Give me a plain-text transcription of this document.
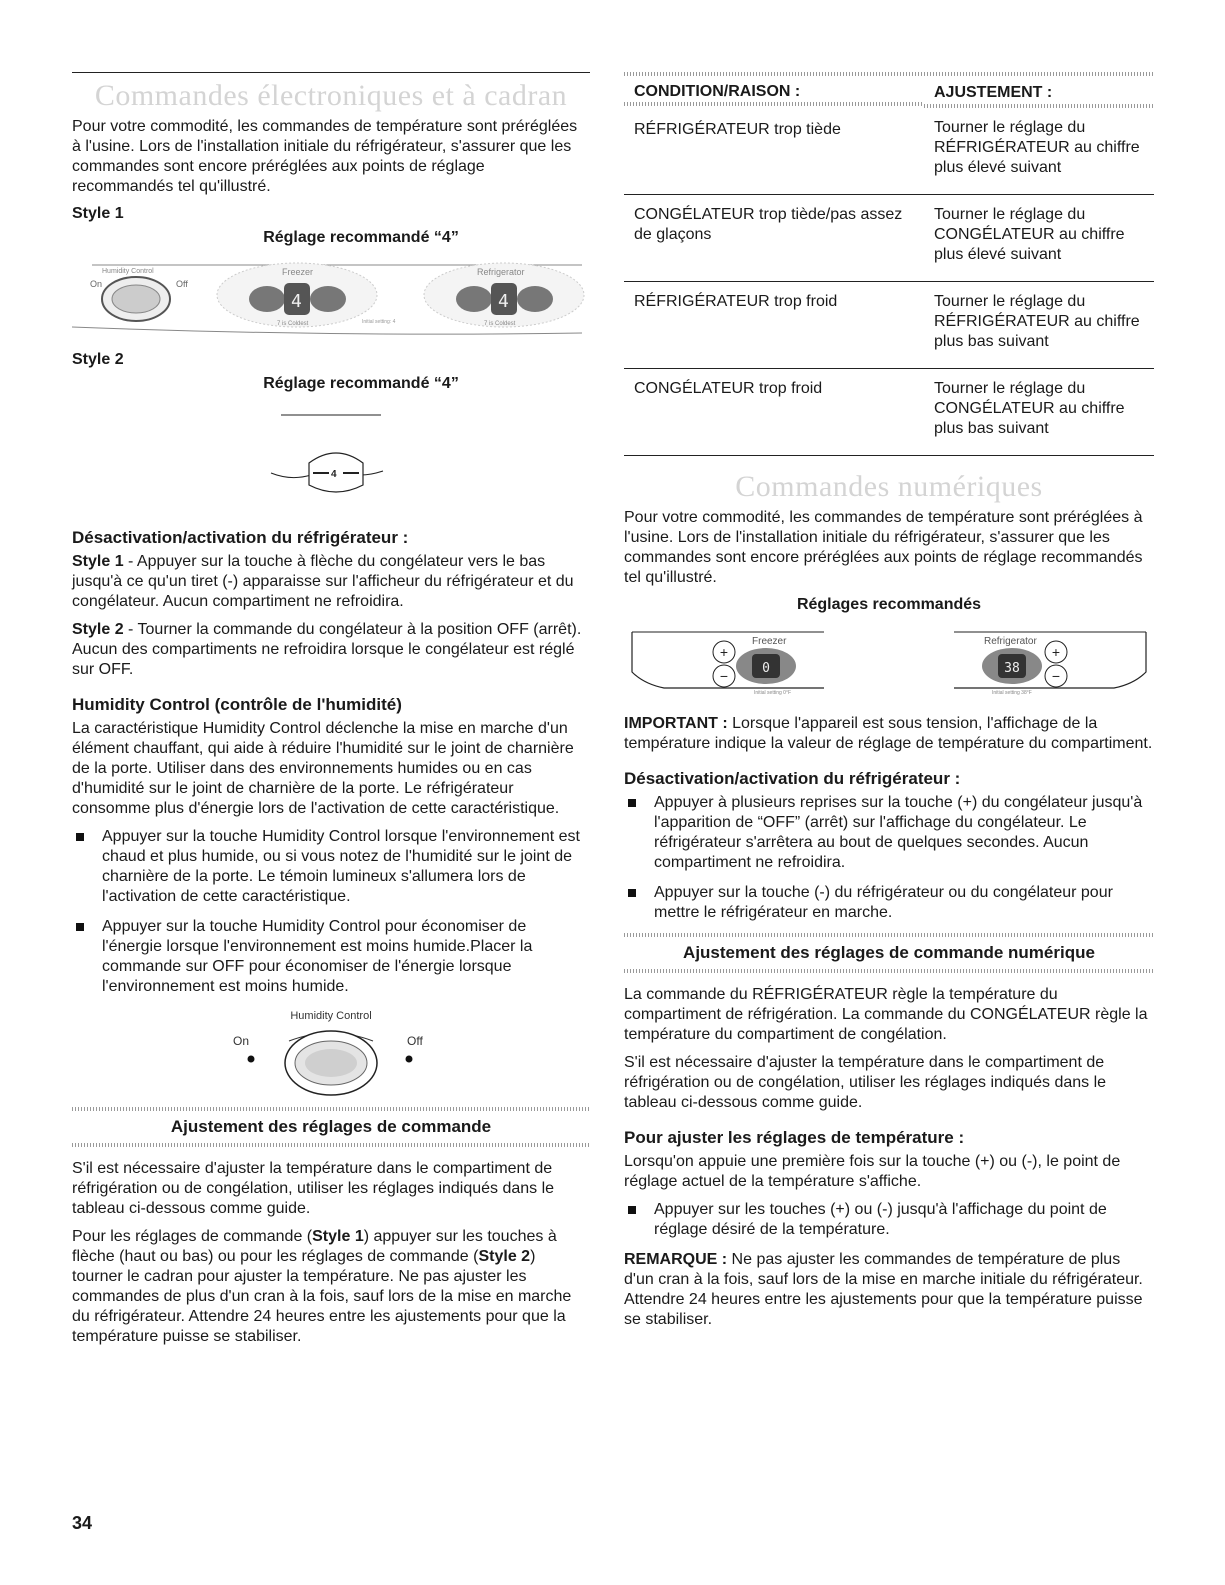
Commandes électroniques et à cadran

Pour votre commodité, les commandes de température sont préréglées à l'usine. Lors de l'installation initiale du réfrigérateur, s'assurer que les commandes sont encore préréglées aux points de réglage recommandés tel qu'illustré.

Style 1
Réglage recommandé “4”
Humidity Control
On	Off
Freezer
4
7 is Coldest	Initial setting: 4
Refrigerator
4
7 is Coldest
Style 2
Réglage recommandé “4”
4
Désactivation/activation du réfrigérateur :

Style 1 - Appuyer sur la touche à flèche du congélateur vers le bas jusqu'à ce qu'un tiret (-) apparaisse sur l'afficheur du réfrigérateur et du congélateur. Aucun compartiment ne refroidira.

Style 2 - Tourner la commande du congélateur à la position OFF (arrêt). Aucun des compartiments ne refroidira lorsque le congélateur est réglé sur OFF.

Humidity Control (contrôle de l'humidité)

La caractéristique Humidity Control déclenche la mise en marche d'un élément chauffant, qui aide à réduire l'humidité sur le joint de charnière de la porte. Utiliser dans des environnements humides ou en cas d'humidité sur le joint de charnière de la porte. Le réfrigérateur consomme plus d'énergie lors de l'activation de cette caractéristique.

Appuyer sur la touche Humidity Control lorsque l'environnement est chaud et plus humide, ou si vous notez de l'humidité sur le joint de charnière de la porte. Le témoin lumineux s'allumera lors de l'activation de cette caractéristique.
Appuyer sur la touche Humidity Control pour économiser de l'énergie lorsque l'environnement est moins humide.Placer la commande sur OFF pour économiser de l'énergie lorsque l'environnement est moins humide.
Humidity Control
On	Off
Ajustement des réglages de commande

S'il est nécessaire d'ajuster la température dans le compartiment de réfrigération ou de congélation, utiliser les réglages indiqués dans le tableau ci-dessous comme guide.

Pour les réglages de commande (Style 1) appuyer sur les touches à flèche (haut ou bas) ou pour les réglages de commande (Style 2) tourner le cadran pour ajuster la température. Ne pas ajuster les commandes de plus d'un cran à la fois, sauf lors de la mise en marche du réfrigérateur. Attendre 24 heures entre les ajustements pour que la température puisse se stabiliser.

CONDITION/RAISON :	AJUSTEMENT :
RÉFRIGÉRATEUR trop tiède	Tourner le réglage du RÉFRIGÉRATEUR au chiffre plus élevé suivant
CONGÉLATEUR trop tiède/pas assez de glaçons	Tourner le réglage du CONGÉLATEUR au chiffre plus élevé suivant
RÉFRIGÉRATEUR trop froid	Tourner le réglage du RÉFRIGÉRATEUR au chiffre plus bas suivant
CONGÉLATEUR trop froid	Tourner le réglage du CONGÉLATEUR au chiffre plus bas suivant
Commandes numériques

Pour votre commodité, les commandes de température sont préréglées à l'usine. Lors de l'installation initiale du réfrigérateur, s'assurer que les commandes sont encore préréglées aux points de réglage recommandés tel qu'illustré.

Réglages recommandés
Freezer
+
−	0
Initial setting 0°F
Refrigerator
38
+
−
Initial setting 38°F

IMPORTANT : Lorsque l'appareil est sous tension, l'affichage de la température indique la valeur de réglage de température du compartiment.

Désactivation/activation du réfrigérateur :
Appuyer à plusieurs reprises sur la touche (+) du congélateur jusqu'à l'apparition de “OFF” (arrêt) sur l'affichage du congélateur. Le réfrigérateur s'arrêtera au bout de quelques secondes. Aucun compartiment ne refroidira.
Appuyer sur la touche (-) du réfrigérateur ou du congélateur pour mettre le réfrigérateur en marche.
Ajustement des réglages de commande numérique

La commande du RÉFRIGÉRATEUR règle la température du compartiment de réfrigération. La commande du CONGÉLATEUR règle la température du compartiment de congélation.

S'il est nécessaire d'ajuster la température dans le compartiment de réfrigération ou de congélation, utiliser les réglages indiqués dans le tableau ci-dessous comme guide.

Pour ajuster les réglages de température :

Lorsqu'on appuie une première fois sur la touche (+) ou (-), le point de réglage actuel de la température s'affiche.

Appuyer sur les touches (+) ou (-) jusqu'à l'affichage du point de réglage désiré de la température.

REMARQUE : Ne pas ajuster les commandes de température de plus d'un cran à la fois, sauf lors de la mise en marche initiale du réfrigérateur. Attendre 24 heures entre les ajustements pour que la température puisse se stabiliser.

34
